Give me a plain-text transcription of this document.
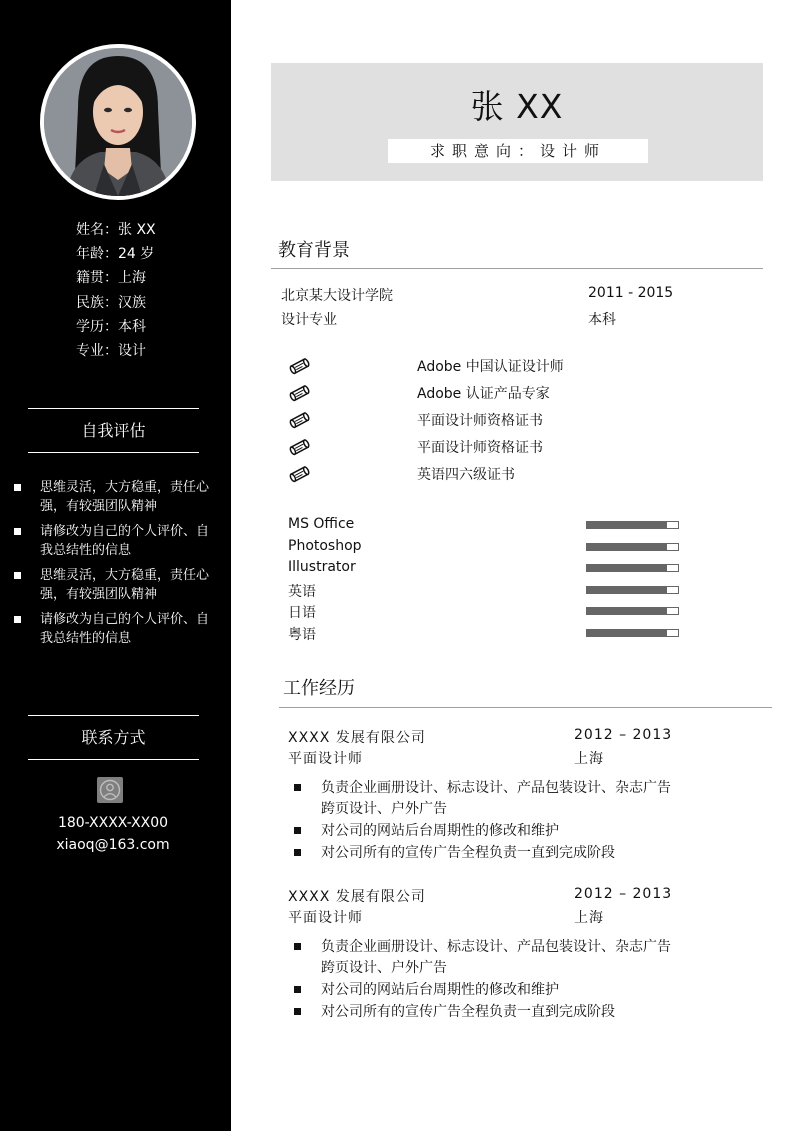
姓名：张 XX
年龄：24 岁
籍贯：上海
民族：汉族
学历：本科
专业：设计
自我评估
思维灵活，大方稳重，责任心强，有较强团队精神
请修改为自己的个人评价、自我总结性的信息
思维灵活，大方稳重，责任心强，有较强团队精神
请修改为自己的个人评价、自我总结性的信息
联系方式
180-XXXX-XX00
xiaoq@163.com
张 XX
求职意向：设计师
教育背景
北京某大设计学院	2011 - 2015
设计专业	本科
Adobe 中国认证设计师
Adobe 认证产品专家
平面设计师资格证书
平面设计师资格证书
英语四六级证书
MS Office
Photoshop
Illustrator
英语
日语
粤语
工作经历
XXXX 发展有限公司	2012 – 2013
平面设计师	上海
负责企业画册设计、标志设计、产品包装设计、杂志广告跨页设计、户外广告
对公司的网站后台周期性的修改和维护
对公司所有的宣传广告全程负责一直到完成阶段
XXXX 发展有限公司	2012 – 2013
平面设计师	上海
负责企业画册设计、标志设计、产品包装设计、杂志广告跨页设计、户外广告
对公司的网站后台周期性的修改和维护
对公司所有的宣传广告全程负责一直到完成阶段
